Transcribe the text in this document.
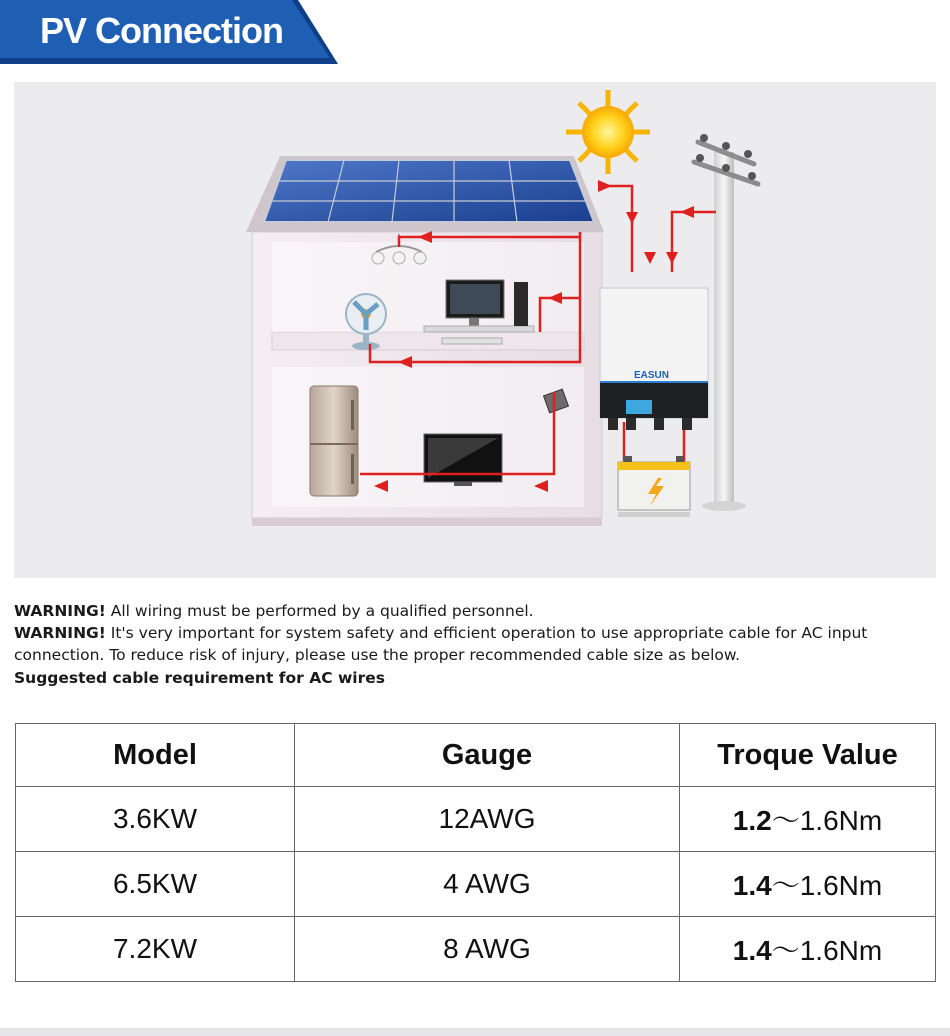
PV Connection
EASUN

WARNING! All wiring must be performed by a qualified personnel.

WARNING! It's very important for system safety and efficient operation to use appropriate cable for AC input connection. To reduce risk of injury, please use the proper recommended cable size as below.

Suggested cable requirement for AC wires

Model	Gauge	Troque Value
3.6KW	12AWG	1.2～1.6Nm
6.5KW	4 AWG	1.4～1.6Nm
7.2KW	8 AWG	1.4～1.6Nm
